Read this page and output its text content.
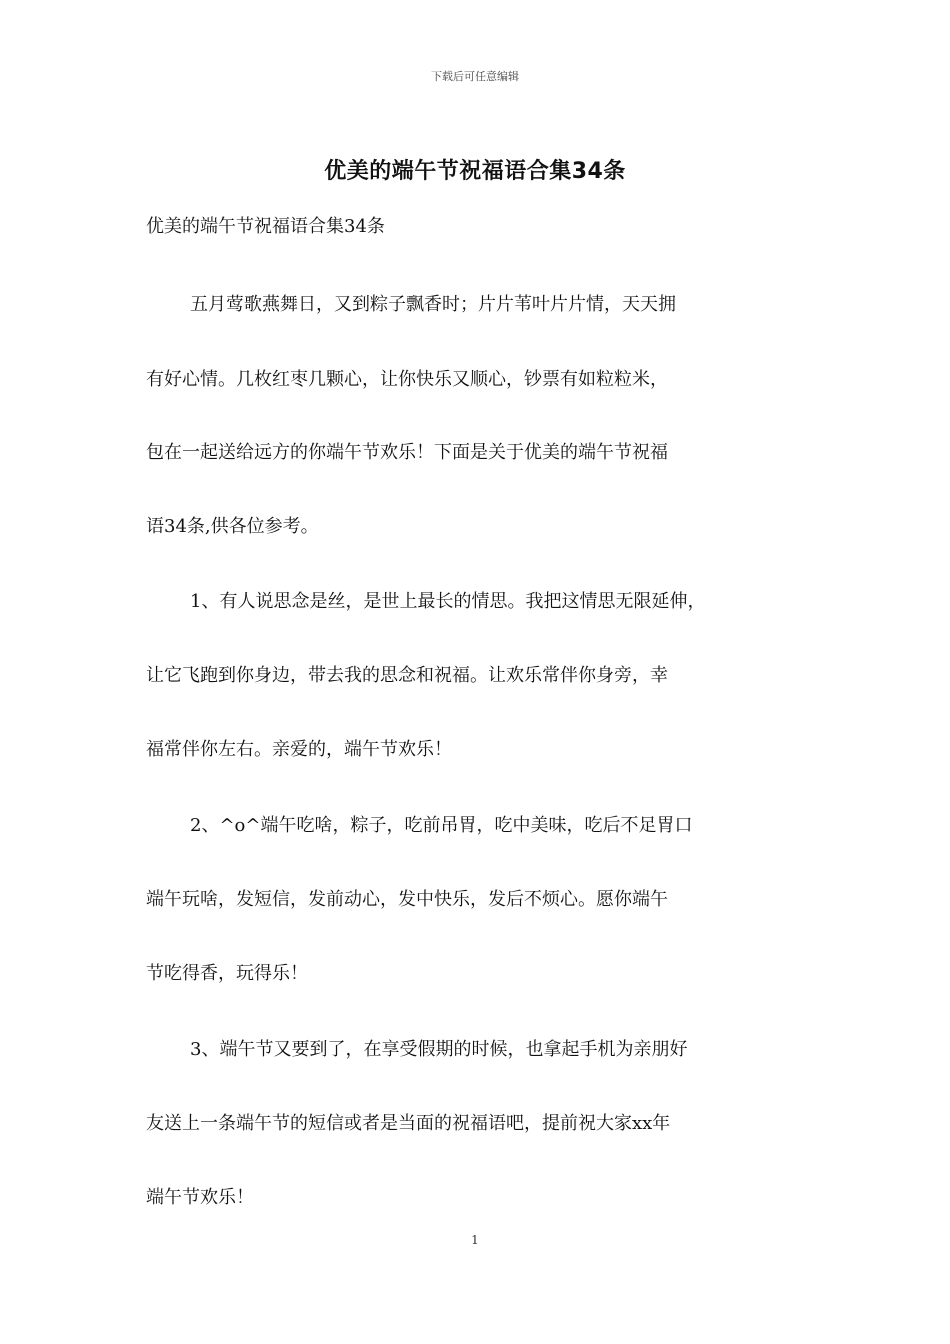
下载后可任意编辑
优美的端午节祝福语合集34条
优美的端午节祝福语合集34条
五月莺歌燕舞日，又到粽子飘香时；片片苇叶片片情，天天拥
有好心情。几枚红枣几颗心，让你快乐又顺心，钞票有如粒粒米，
包在一起送给远方的你端午节欢乐！下面是关于优美的端午节祝福
语34条,供各位参考。
1、有人说思念是丝，是世上最长的情思。我把这情思无限延伸，
让它飞跑到你身边，带去我的思念和祝福。让欢乐常伴你身旁，幸
福常伴你左右。亲爱的，端午节欢乐！
2、^o^端午吃啥，粽子，吃前吊胃，吃中美味，吃后不足胃口
端午玩啥，发短信，发前动心，发中快乐，发后不烦心。愿你端午
节吃得香，玩得乐！
3、端午节又要到了，在享受假期的时候，也拿起手机为亲朋好
友送上一条端午节的短信或者是当面的祝福语吧，提前祝大家xx年
端午节欢乐！
1
